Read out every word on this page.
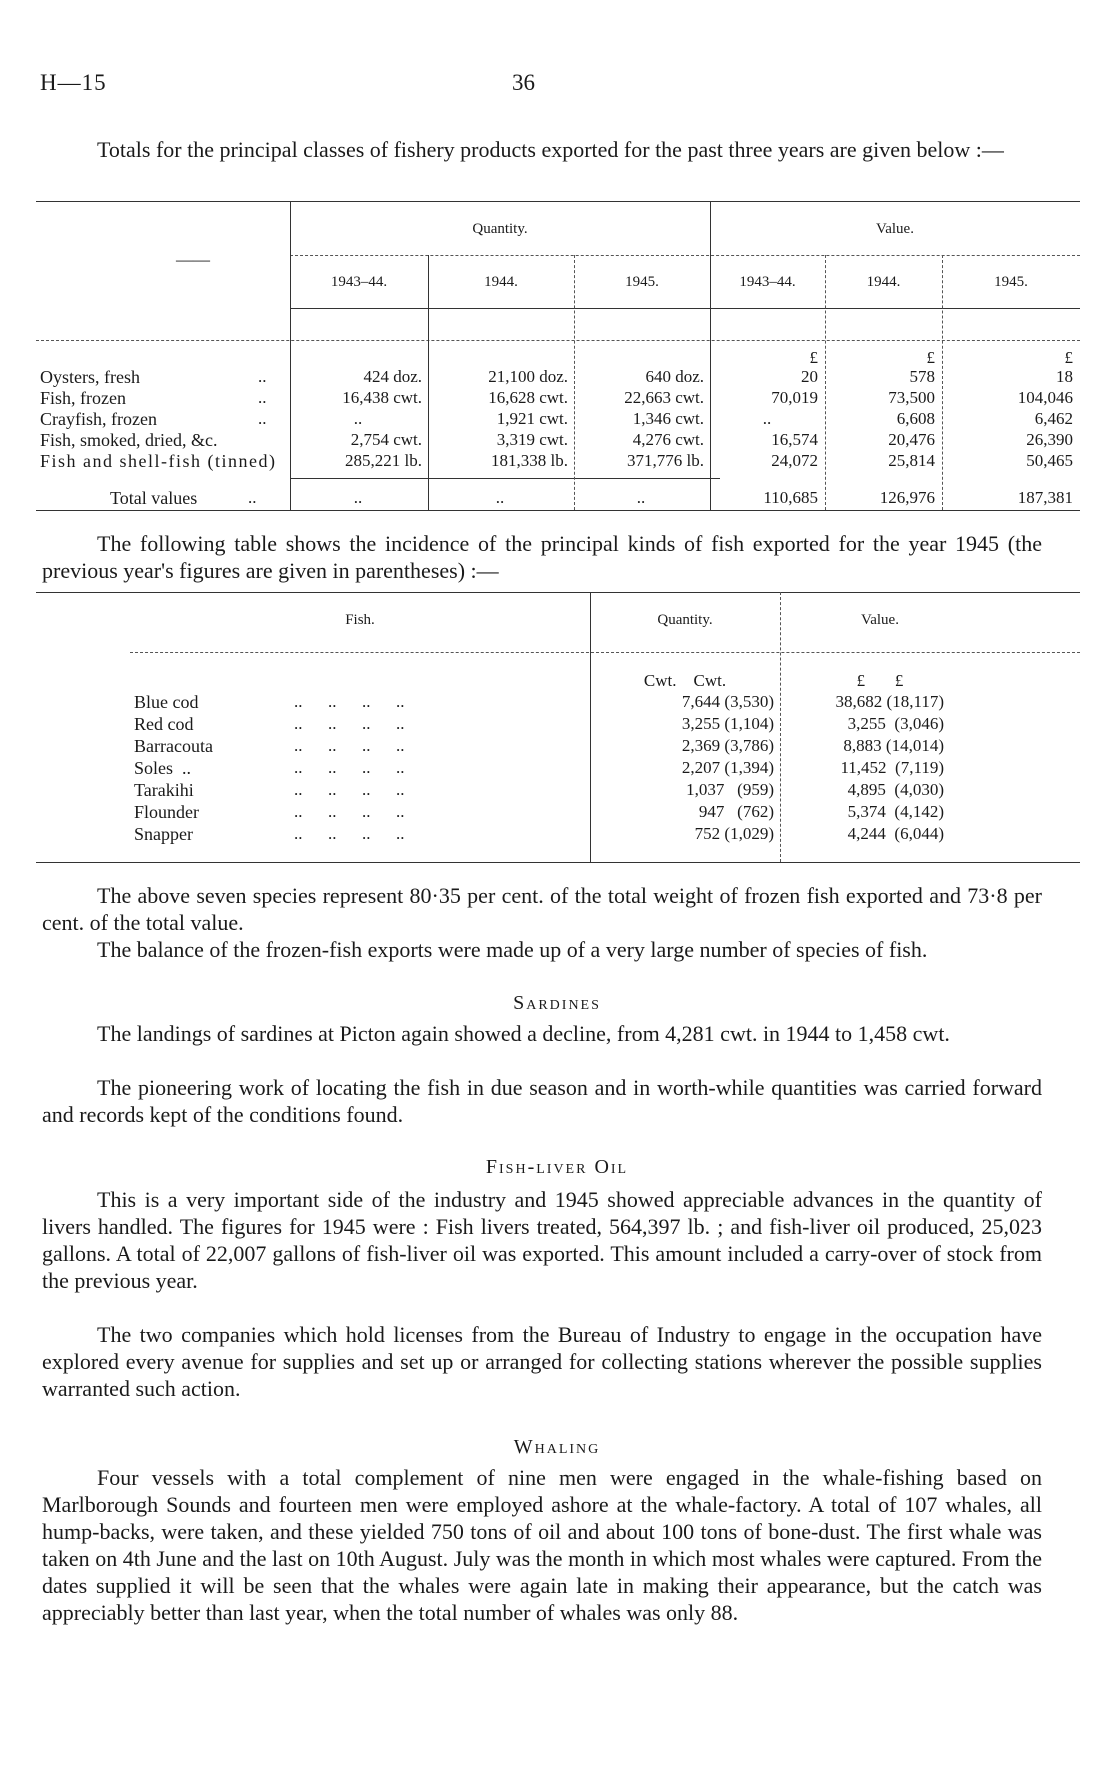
H—15	36
Totals for the principal classes of fishery products exported for the past three years are given below :—
——
Quantity.	Value.
1943–44.	1944.	1945.	1943–44.	1944.	1945.
£	£	£
Oysters, fresh	..	424 doz.	21,100 doz.	640 doz.	20	578	18
Fish, frozen	..	16,438 cwt.	16,628 cwt.	22,663 cwt.	70,019	73,500	104,046
Crayfish, frozen	..	..	1,921 cwt.	1,346 cwt.	..	6,608	6,462
Fish, smoked, dried, &c.	2,754 cwt.	3,319 cwt.	4,276 cwt.	16,574	20,476	26,390
Fish and shell-fish (tinned)	285,221 lb.	181,338 lb.	371,776 lb.	24,072	25,814	50,465
Total values	..	..	..	..	110,685	126,976	187,381
The following table shows the incidence of the principal kinds of fish exported for the year 1945 (the previous year's figures are given in parentheses) :—
Fish.	Quantity.	Value.
Cwt.    Cwt.	£       £
Blue cod	..      ..      ..      ..	7,644 (3,530)	38,682 (18,117)
Red cod	..      ..      ..      ..	3,255 (1,104)	3,255  (3,046)
Barracouta	..      ..      ..      ..	2,369 (3,786)	8,883 (14,014)
Soles  ..	..      ..      ..      ..	2,207 (1,394)	11,452  (7,119)
Tarakihi	..      ..      ..      ..	1,037   (959)	4,895  (4,030)
Flounder	..      ..      ..      ..	947   (762)	5,374  (4,142)
Snapper	..      ..      ..      ..	752 (1,029)	4,244  (6,044)
The above seven species represent 80·35 per cent. of the total weight of frozen fish exported and 73·8 per cent. of the total value.
The balance of the frozen-fish exports were made up of a very large number of species of fish.
Sardines
The landings of sardines at Picton again showed a decline, from 4,281 cwt. in 1944 to 1,458 cwt.
The pioneering work of locating the fish in due season and in worth-while quantities was carried forward and records kept of the conditions found.
Fish-liver Oil
This is a very important side of the industry and 1945 showed appreciable advances in the quantity of livers handled. The figures for 1945 were : Fish livers treated, 564,397 lb. ; and fish-liver oil produced, 25,023 gallons. A total of 22,007 gallons of fish-liver oil was exported. This amount included a carry-over of stock from the previous year.
The two companies which hold licenses from the Bureau of Industry to engage in the occupation have explored every avenue for supplies and set up or arranged for collecting stations wherever the possible supplies warranted such action.
Whaling
Four vessels with a total complement of nine men were engaged in the whale-fishing based on Marlborough Sounds and fourteen men were employed ashore at the whale-factory. A total of 107 whales, all hump-backs, were taken, and these yielded 750 tons of oil and about 100 tons of bone-dust. The first whale was taken on 4th June and the last on 10th August. July was the month in which most whales were captured. From the dates supplied it will be seen that the whales were again late in making their appearance, but the catch was appreciably better than last year, when the total number of whales was only 88.
